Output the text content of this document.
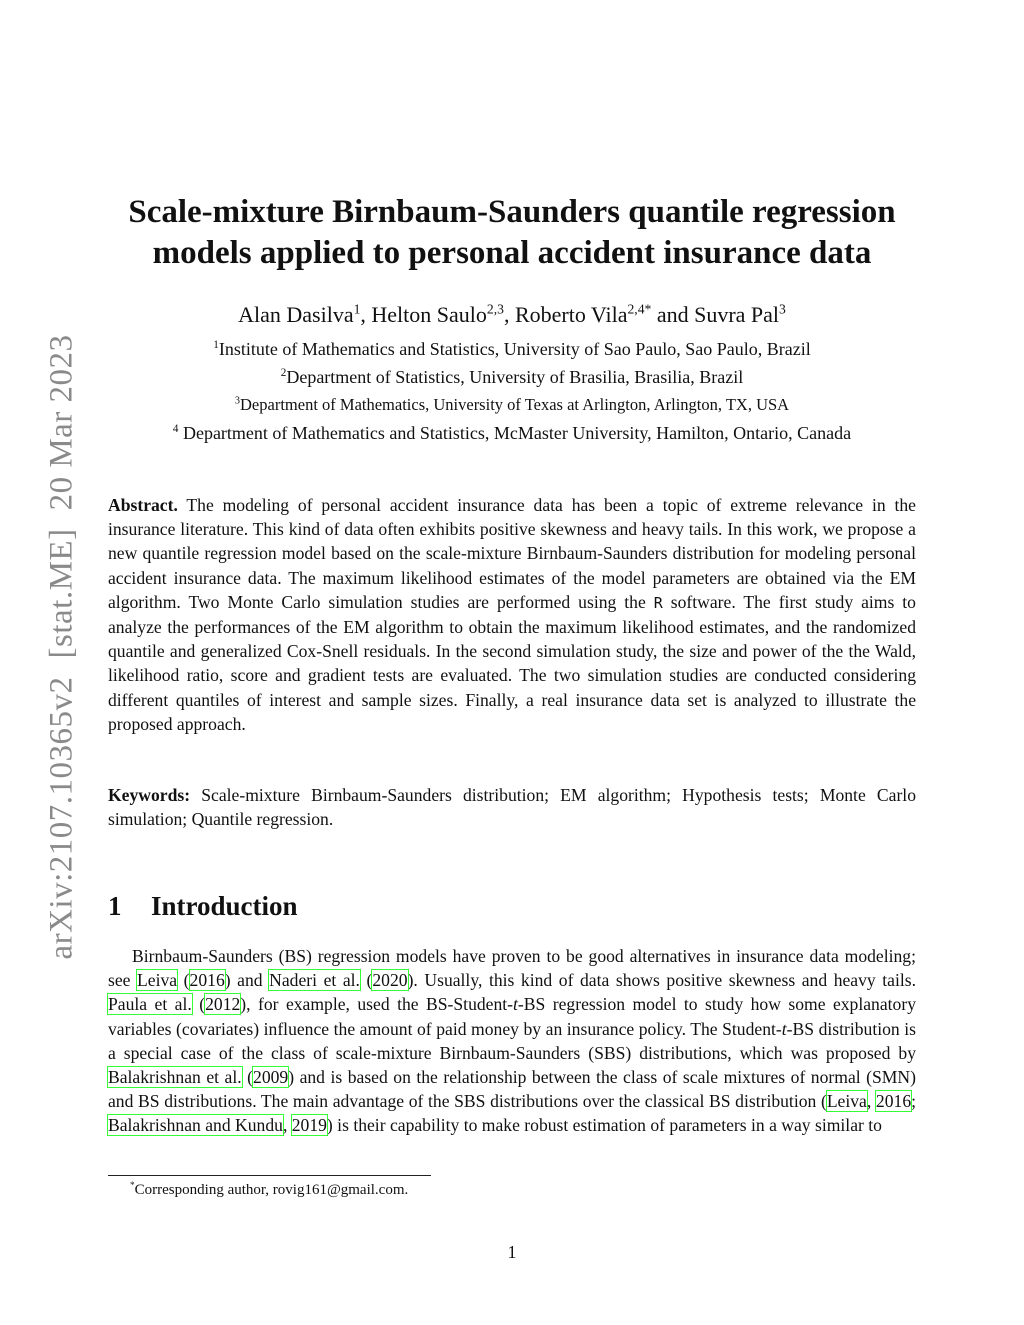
arXiv:2107.10365v2[stat.ME]20 Mar 2023
Scale-mixture Birnbaum-Saunders quantile regression
models applied to personal accident insurance data
Alan Dasilva$^1$, Helton Saulo$^{2,3}$, Roberto Vila$^{2,4*}$ and Suvra Pal$^3$
$^1$Institute of Mathematics and Statistics, University of Sao Paulo, Sao Paulo, Brazil
$^2$Department of Statistics, University of Brasilia, Brasilia, Brazil
$^3$Department of Mathematics, University of Texas at Arlington, Arlington, TX, USA
$^4$ Department of Mathematics and Statistics, McMaster University, Hamilton, Ontario, Canada
Abstract. The modeling of personal accident insurance data has been a topic of extreme relevance in the insurance literature. This kind of data often exhibits positive skewness and heavy tails. In this work, we propose a new quantile regression model based on the scale-mixture Birnbaum-Saunders distribution for modeling personal accident insurance data. The maximum likelihood estimates of the model parameters are obtained via the EM algorithm. Two Monte Carlo simulation studies are performed using the R software. The first study aims to analyze the performances of the EM algorithm to obtain the maximum likelihood estimates, and the randomized quantile and generalized Cox-Snell residuals. In the second simulation study, the size and power of the the Wald, likelihood ratio, score and gradient tests are evaluated. The two simulation studies are conducted considering different quantiles of interest and sample sizes. Finally, a real insurance data set is analyzed to illustrate the proposed approach.
Keywords: Scale-mixture Birnbaum-Saunders distribution; EM algorithm; Hypothesis tests; Monte Carlo simulation; Quantile regression.
1 Introduction
Birnbaum-Saunders (BS) regression models have proven to be good alternatives in insurance data modeling; see Leiva (2016) and Naderi et al. (2020). Usually, this kind of data shows positive skewness and heavy tails. Paula et al. (2012), for example, used the BS-Student-t-BS regression model to study how some explanatory variables (covariates) influence the amount of paid money by an insurance policy. The Student-t-BS distribution is a special case of the class of scale-mixture Birnbaum-Saunders (SBS) distributions, which was proposed by Balakrishnan et al. (2009) and is based on the relationship between the class of scale mixtures of normal (SMN) and BS distributions. The main advantage of the SBS distributions over the classical BS distribution (Leiva, 2016; Balakrishnan and Kundu, 2019) is their capability to make robust estimation of parameters in a way similar to
*Corresponding author, rovig161@gmail.com.
1
